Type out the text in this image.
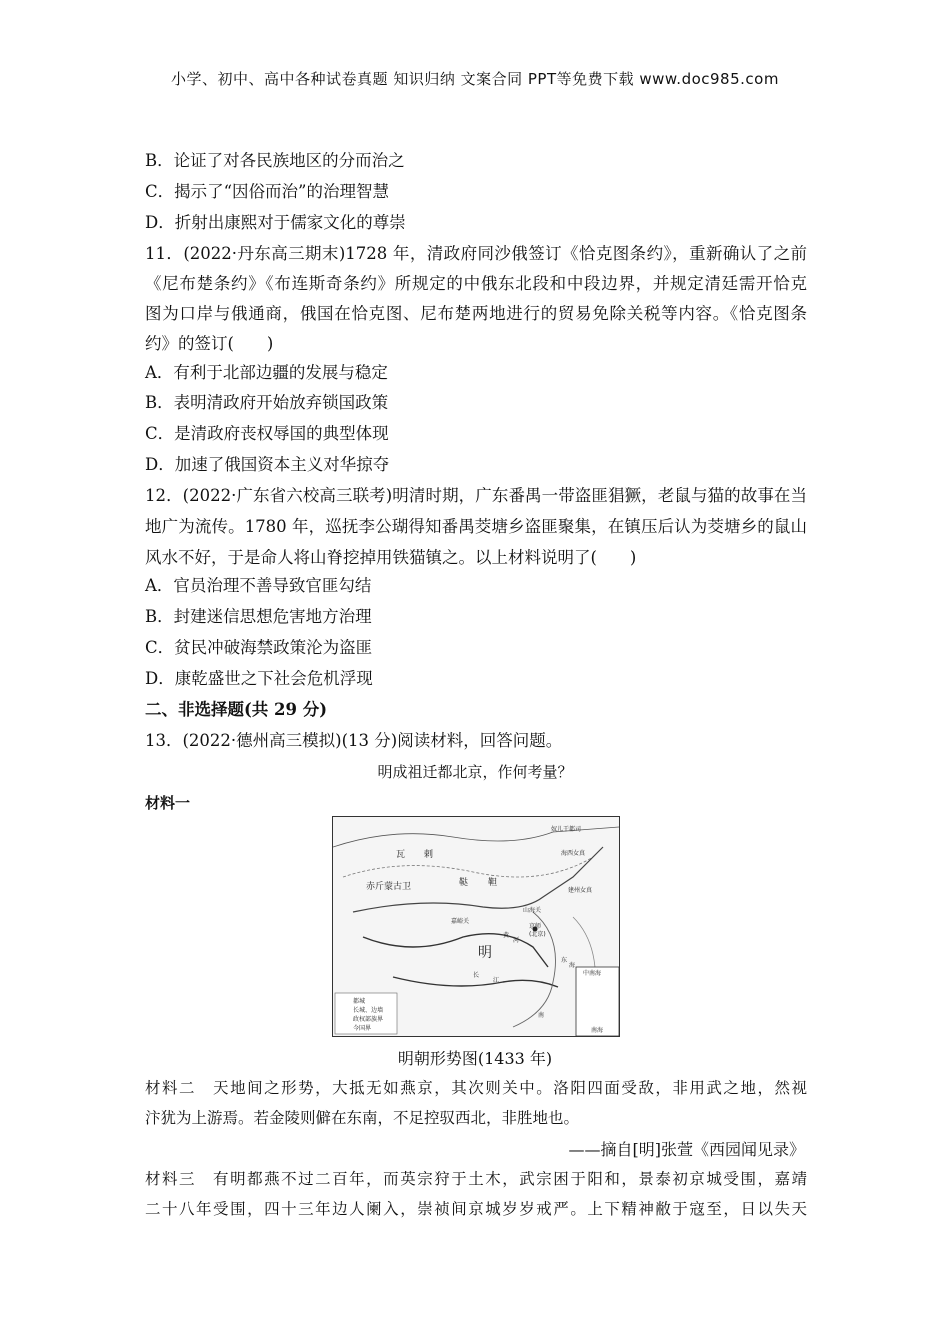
小学、初中、高中各种试卷真题 知识归纳 文案合同 PPT等免费下载 www.doc985.com
B．论证了对各民族地区的分而治之
C．揭示了“因俗而治”的治理智慧
D．折射出康熙对于儒家文化的尊崇
11．(2022·丹东高三期末)1728 年，清政府同沙俄签订《恰克图条约》，重新确认了之前
《尼布楚条约》《布连斯奇条约》所规定的中俄东北段和中段边界，并规定清廷需开恰克
图为口岸与俄通商，俄国在恰克图、尼布楚两地进行的贸易免除关税等内容。《恰克图条
约》的签订(　　)
A．有利于北部边疆的发展与稳定
B．表明清政府开始放弃锁国政策
C．是清政府丧权辱国的典型体现
D．加速了俄国资本主义对华掠夺
12．(2022·广东省六校高三联考)明清时期，广东番禺一带盗匪猖獗，老鼠与猫的故事在当
地广为流传。1780 年，巡抚李公瑚得知番禺茭塘乡盗匪聚集，在镇压后认为茭塘乡的鼠山
风水不好，于是命人将山脊挖掉用铁猫镇之。以上材料说明了(　　)
A．官员治理不善导致官匪勾结
B．封建迷信思想危害地方治理
C．贫民冲破海禁政策沦为盗匪
D．康乾盛世之下社会危机浮现
二、非选择题(共 29 分)
13．(2022·德州高三模拟)(13 分)阅读材料，回答问题。
明成祖迁都北京，作何考量？
材料一
南海
瓦 剌
鞑 靼
赤斤蒙古卫
明
奴儿干都司
海西女真
建州女真
山海关
京师
(北京)
嘉峪关
长
江
黄
河
东
海
南
中南海
都城
长城、边墙
政权部族界
今国界
明朝形势图(1433 年)
材料二　天地间之形势，大抵无如燕京，其次则关中。洛阳四面受敌，非用武之地，然视
汴犹为上游焉。若金陵则僻在东南，不足控驭西北，非胜地也。
——摘自[明]张萱《西园闻见录》
材料三　有明都燕不过二百年，而英宗狩于土木，武宗困于阳和，景泰初京城受围，嘉靖
二十八年受围，四十三年边人阑入，崇祯间京城岁岁戒严。上下精神敝于寇至，日以失天
